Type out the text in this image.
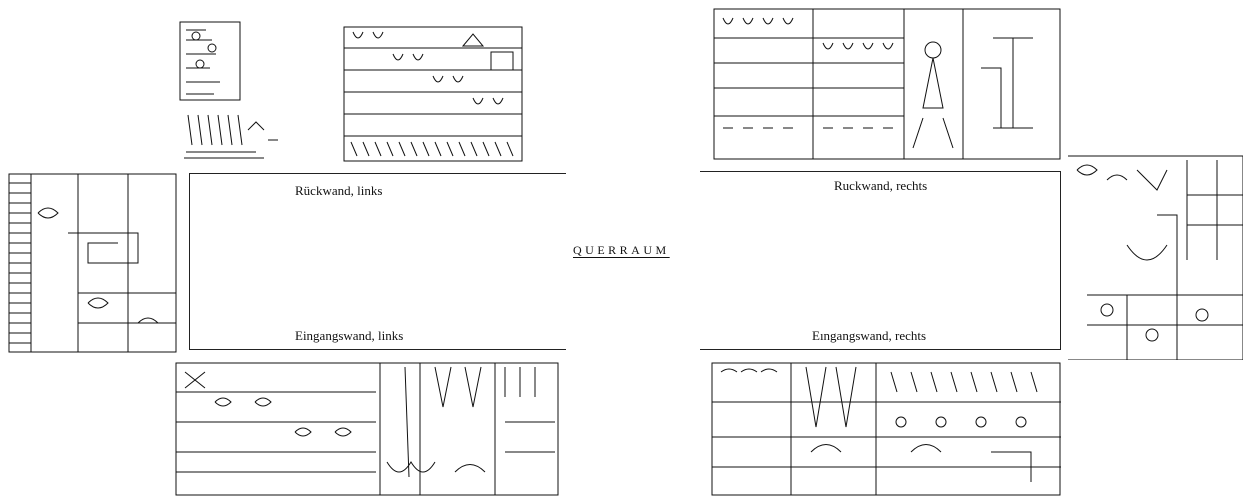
Rückwand, links	Ruckwand, rechts
Eingangswand, links	Eıngangswand, rechts
QUERRAUM
